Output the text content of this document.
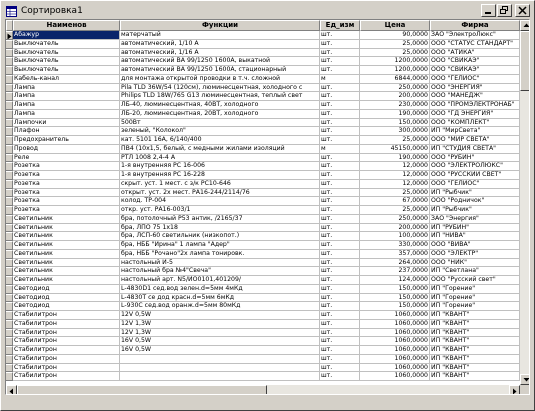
Сортировка1
Наименов	Функции	Ед_изм	Цена	Фирма
Абажур	матерчатый	шт.	90,0000 ЗАО "ЭлектроЛюкс"
Выключатель	автоматический, 1/10 А	шт.	25,0000 ООО "СТАТУС СТАНДАРТ"
Выключатель	автоматический, 1/16 А	шт.	25,0000 ООО "АТИКА"
Выключатель	автоматический ВА 99/1250 1600А, выкатной	шт.	1200,0000 ООО "СВИКАЭ"
Выключатель	автоматический ВА 99/1250 1600А, стационарный	шт.	1200,0000 ООО "СВИКАЭ"
Кабель-канал	для монтажа открытой проводки в т.ч. сложной	м	6844,0000 ООО "ГЕЛИОС"
Лампа	Pila TLD 36W/54 (120см), люминесцентная, холодного с	шт.	250,0000 ООО "ЭНЕРГИЯ"
Лампа	Philips TLD 18W/765 G13 люминесцентная, теплый свет	шт.	200,0000 ООО "МАНЕДЖ"
Лампа	ЛБ-40, люминесцентная, 40ВТ, холодного	шт.	230,0000 ООО "ПРОМЭЛЕКТРОНАБ"
Лампа	ЛБ-20, люминесцентная, 20ВТ, холодного	шт.	190,0000 ООО "ГД ЭНЕРГИЯ"
Лампочки	500Вт	шт.	150,0000 ООО "КОМПЛЕКТ"
Плафон	зеленый, "Колокол"	шт.	300,0000 ИП "МирСвета"
Предохранитель	кат. 5101 16А, 6/140/400	шт.	25,0000 ООО "МИР СВЕТА"
Провод	ПВ4 (10х1,5, белый, с медными жилами изоляций	м	45150,0000 ИП "СТУДИЯ СВЕТА"
Реле	РТЛ 1008 2,4-4 А	шт.	190,0000 ООО "РУБИН"
Розетка	1-я внутренняя РС 16-006	шт.	12,0000 ООО "ЭЛЕКТРОЛЮКС"
Розетка	1-я внутренняя РС 16-228	шт.	12,0000 ООО "РУССКИЙ СВЕТ"
Розетка	скрыт. уст. 1 мест. с з/к РС10-646	шт.	12,0000 ООО "ГЕЛИОС"
Розетка	открыт. уст. 2х мест. РА16-244/2114/76	шт.	25,0000 ИП "Рыбчик"
Розетка	колод. ТР-004	шт.	67,0000 ООО "Родничок"
Розетка	откр. уст. РА16-003/1	шт.	25,0000 ИП "Рыбчик"
Светильник	бра, потолочный Р53 антик, /2165/37	шт.	250,0000 ЗАО "Энергия"
Светильник	бра, ЛПО 75 1х18	шт.	200,0000 ИП "РУБИН"
Светильник	бра, ЛСП-60 светильник (низкопот.)	шт.	100,0000 ИП "НИВА"
Светильник	бра, НББ "Ирина" 1 лампа "Адер"	шт.	330,0000 ООО "ВИВА"
Светильник	бра, НББ "Рочано"2х лампа тонировк.	шт.	357,0000 ООО "ЭЛЕКТР"
Светильник	настольный И-5	шт.	264,0000 ООО "НИК"
Светильник	настольный бра №4"Свеча"	шт.	237,0000 ИП "Светлана"
Светильник	настольный арт. N5/ИО0101,401209/	шт.	124,0000 ООО "Русский свет"
Светодиод	L-4830D1 сед.вод зелен.d=5мм 4мКд	шт.	150,0000 ИП "Горение"
Светодиод	L-4830T ce дод красн.d=5мм 6мКд	шт.	150,0000 ИП "Горение"
Светодиод	L-930C сед.вод оранж.d=5мм 80мКд	шт.	150,0000 ИП "Горение"
Стабилитрон	12V 0,5W	шт.	1060,0000 ИП "КВАНТ"
Стабилитрон	12V 1,3W	шт.	1060,0000 ИП "КВАНТ"
Стабилитрон	12V 1,3W	шт.	1060,0000 ИП "КВАНТ"
Стабилитрон	16V 0,5W	шт.	1060,0000 ИП "КВАНТ"
Стабилитрон	16V 0,5W	шт.	1060,0000 ИП "КВАНТ"
Стабилитрон	шт.	1060,0000 ИП "КВАНТ"
Стабилитрон	шт.	1060,0000 ИП "КВАНТ"
Стабилитрон	шт.	1060,0000 ИП "КВАНТ"
